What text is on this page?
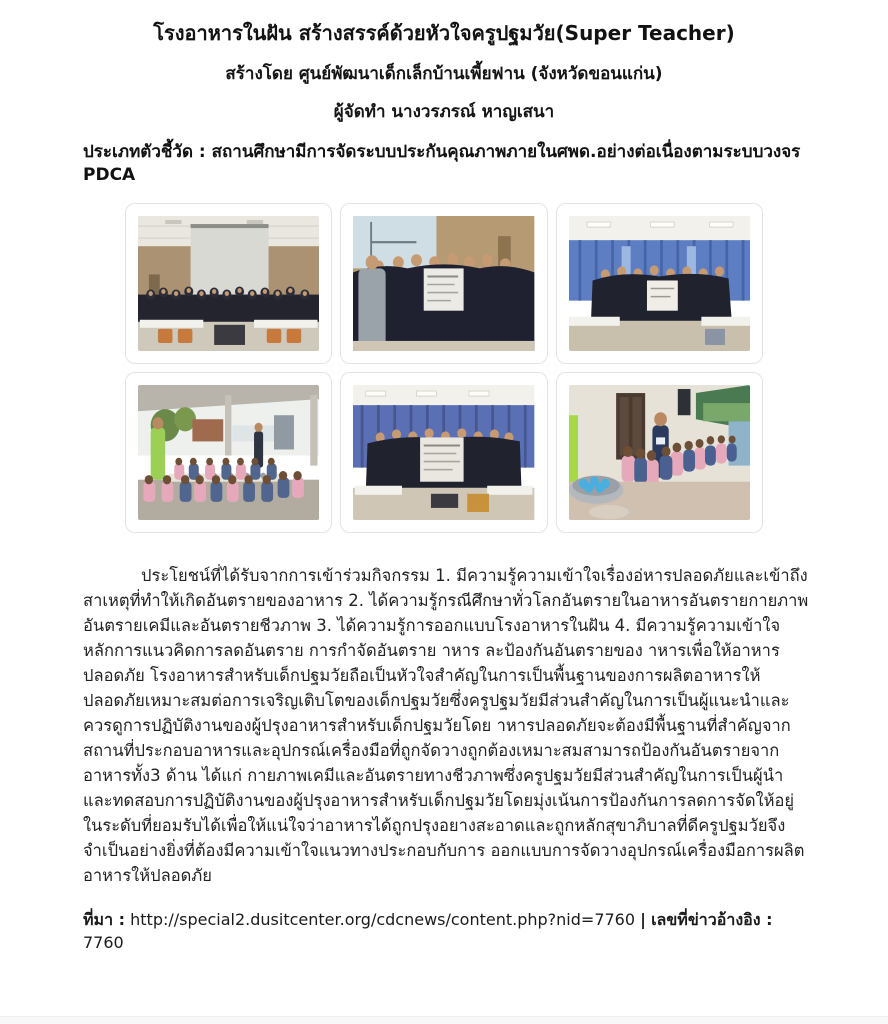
โรงอาหารในฝัน สร้างสรรค์ด้วยหัวใจครูปฐมวัย(Super Teacher)
สร้างโดย ศูนย์พัฒนาเด็กเล็กบ้านเพี้ยฟาน (จังหวัดขอนแก่น)
ผู้จัดทำ นางวรภรณ์ หาญเสนา
ประเภทตัวชี้วัด : สถานศึกษามีการจัดระบบประกันคุณภาพภายในศพด.อย่างต่อเนื่องตามระบบวงจร PDCA

ประโยชน์ที่ได้รับจากการเข้าร่วมกิจกรรม 1. มีความรู้ความเข้าใจเรื่องอ่หารปลอดภัยและเข้าถึงสาเหตุที่ทำให้เกิดอันตรายของอาหาร 2. ได้ความรู้กรณีศึกษาทั่วโลกอันตรายในอาหารอันตรายกายภาพอันตรายเคมีและอันตรายชีวภาพ 3. ได้ความรู้การออกแบบโรงอาหารในฝัน 4. มีความรู้ความเข้าใจหลักการแนวคิดการลดอันตราย การกำจัดอันตราย าหาร ละป้องกันอันตรายของ าหารเพื่อให้อาหารปลอดภัย โรงอาหารสำหรับเด็กปฐมวัยถือเป็นหัวใจสำคัญในการเป็นพื้นฐานของการผลิตอาหารให้ปลอดภัยเหมาะสมต่อการเจริญเติบโตของเด็กปฐมวัยซึ่งครูปฐมวัยมีส่วนสำคัญในการเป็นผู้แนะนำและควรดูการปฏิบัติงานของผู้ปรุงอาหารสำหรับเด็กปฐมวัยโดย าหารปลอดภัยจะต้องมีพื้นฐานที่สำคัญจากสถานที่ประกอบอาหารและอุปกรณ์เครื่องมือที่ถูกจัดวางถูกต้องเหมาะสมสามารถป้องกันอันตรายจากอาหารทั้ง3 ด้าน ได้แก่ กายภาพเคมีและอันตรายทางชีวภาพซึ่งครูปฐมวัยมีส่วนสำคัญในการเป็นผู้นำและทดสอบการปฏิบัติงานของผู้ปรุงอาหารสำหรับเด็กปฐมวัยโดยมุ่งเน้นการป้องกันการลดการจัดให้อยู่ในระดับที่ยอมรับได้เพื่อให้แน่ใจว่าอาหารได้ถูกปรุงอยางสะอาดและถูกหลักสุขาภิบาลที่ดีครูปฐมวัยจึงจำเป็นอย่างยิ่งที่ต้องมีความเข้าใจแนวทางประกอบกับการ ออกแบบการจัดวางอุปกรณ์เครื่องมือการผลิตอาหารให้ปลอดภัย

ที่มา : http://special2.dusitcenter.org/cdcnews/content.php?nid=7760 | เลขที่ข่าวอ้างอิง : 7760
